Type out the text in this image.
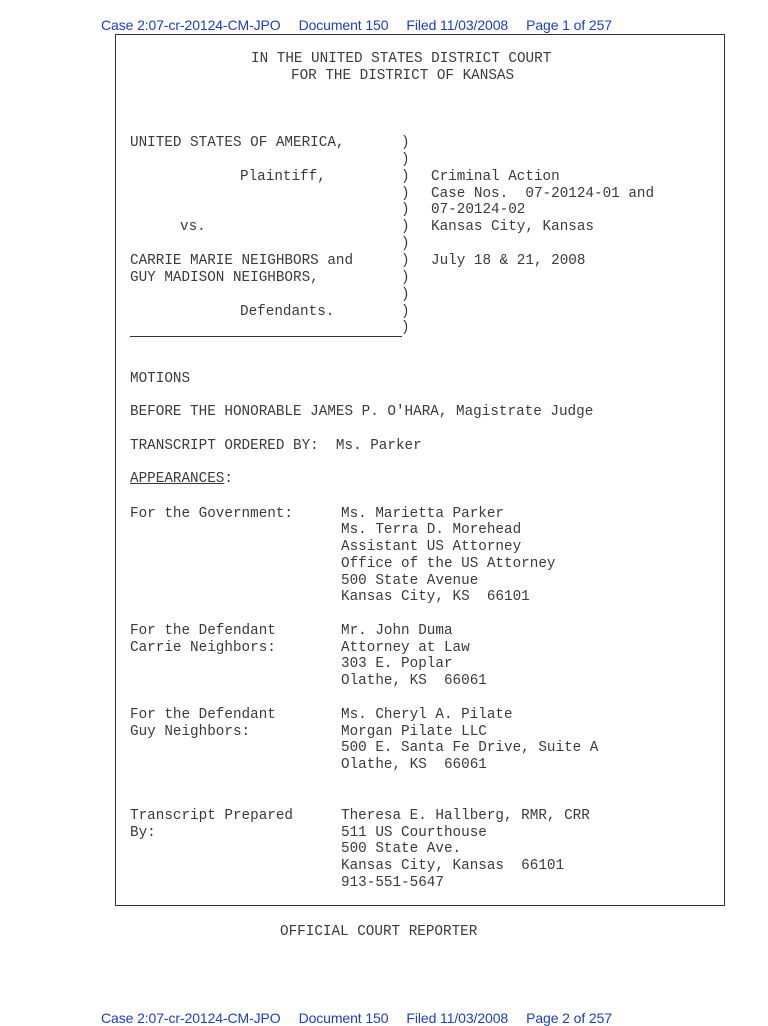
Case 2:07-cr-20124-CM-JPO Document 150 Filed 11/03/2008 Page 1 of 257
IN THE UNITED STATES DISTRICT COURT
FOR THE DISTRICT OF KANSAS
UNITED STATES OF AMERICA,
Plaintiff,
vs.
CARRIE MARIE NEIGHBORS and
GUY MADISON NEIGHBORS,
Defendants.
)
)
)
)
)
)
)
)
)
)
)
)
Criminal Action
Case Nos.  07-20124-01 and
07-20124-02
Kansas City, Kansas
July 18 & 21, 2008
MOTIONS
BEFORE THE HONORABLE JAMES P. O'HARA, Magistrate Judge
TRANSCRIPT ORDERED BY:  Ms. Parker
APPEARANCES:
For the Government:	Ms. Marietta Parker
Ms. Terra D. Morehead
Assistant US Attorney
Office of the US Attorney
500 State Avenue
Kansas City, KS  66101
For the Defendant
Carrie Neighbors:
Mr. John Duma
Attorney at Law
303 E. Poplar
Olathe, KS  66061
For the Defendant
Guy Neighbors:
Ms. Cheryl A. Pilate
Morgan Pilate LLC
500 E. Santa Fe Drive, Suite A
Olathe, KS  66061
Transcript Prepared
By:
Theresa E. Hallberg, RMR, CRR
511 US Courthouse
500 State Ave.
Kansas City, Kansas  66101
913-551-5647
OFFICIAL COURT REPORTER
Case 2:07-cr-20124-CM-JPO Document 150 Filed 11/03/2008 Page 2 of 257
